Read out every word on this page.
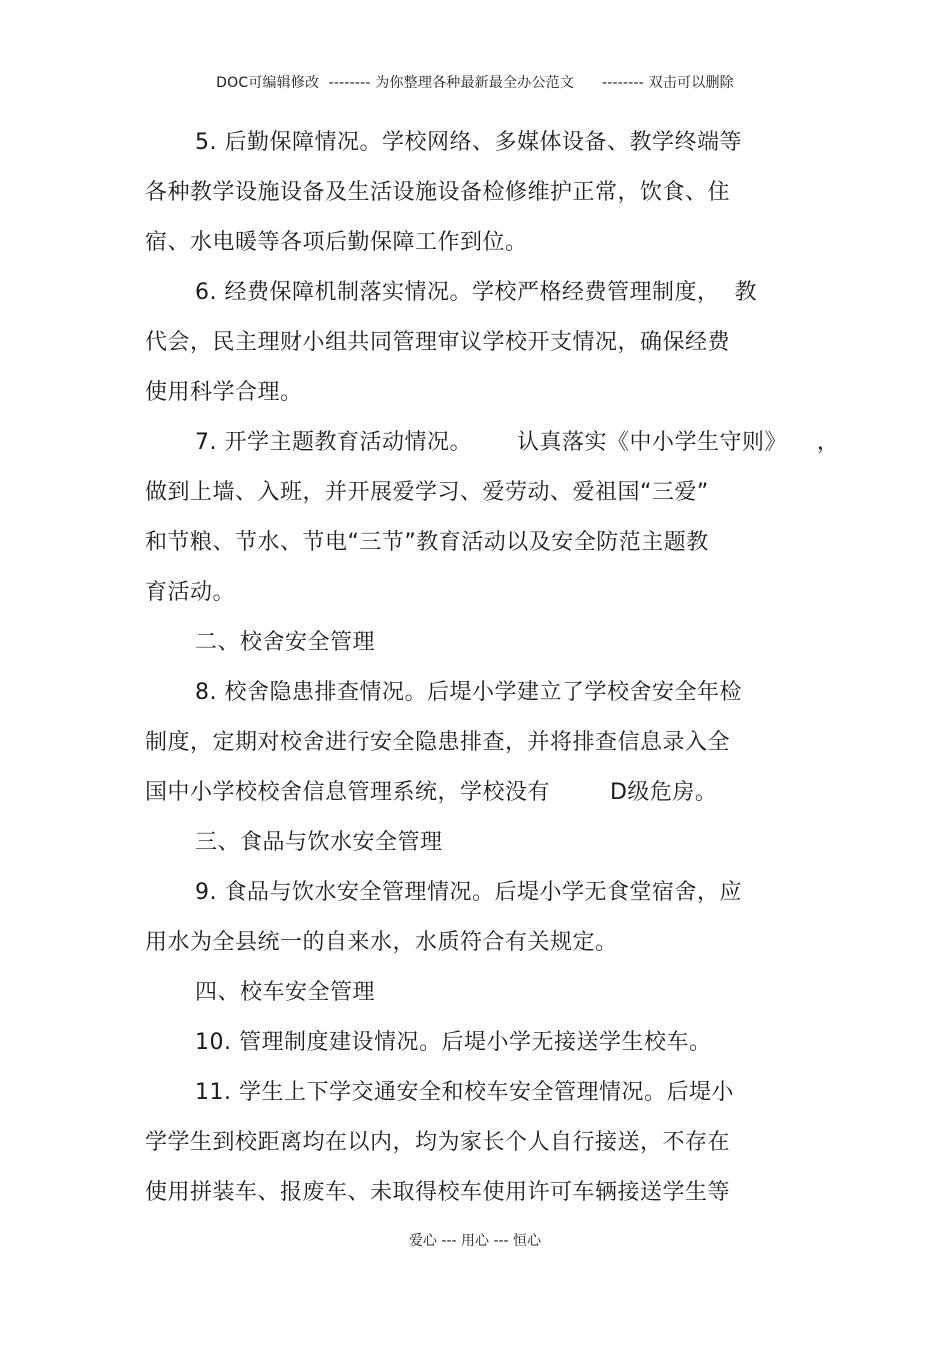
DOC可编辑修改  -------- 为你整理各种最新最全办公范文      -------- 双击可以删除
5. 后勤保障情况。学校网络、多媒体设备、教学终端等
各种教学设施设备及生活设施设备检修维护正常，饮食、住
宿、水电暖等各项后勤保障工作到位。
6. 经费保障机制落实情况。学校严格经费管理制度，  教
代会，民主理财小组共同管理审议学校开支情况，确保经费
使用科学合理。
7. 开学主题教育活动情况。      认真落实《中小学生守则》    ，
做到上墙、入班，并开展爱学习、爱劳动、爱祖国“三爱”
和节粮、节水、节电“三节”教育活动以及安全防范主题教
育活动。
二、校舍安全管理
8. 校舍隐患排查情况。后堤小学建立了学校舍安全年检
制度，定期对校舍进行安全隐患排查，并将排查信息录入全
国中小学校校舍信息管理系统，学校没有        D级危房。
三、食品与饮水安全管理
9. 食品与饮水安全管理情况。后堤小学无食堂宿舍，应
用水为全县统一的自来水，水质符合有关规定。
四、校车安全管理
10. 管理制度建设情况。后堤小学无接送学生校车。
11. 学生上下学交通安全和校车安全管理情况。后堤小
学学生到校距离均在以内，均为家长个人自行接送，不存在
使用拼装车、报废车、未取得校车使用许可车辆接送学生等
爱心 --- 用心 --- 恒心
